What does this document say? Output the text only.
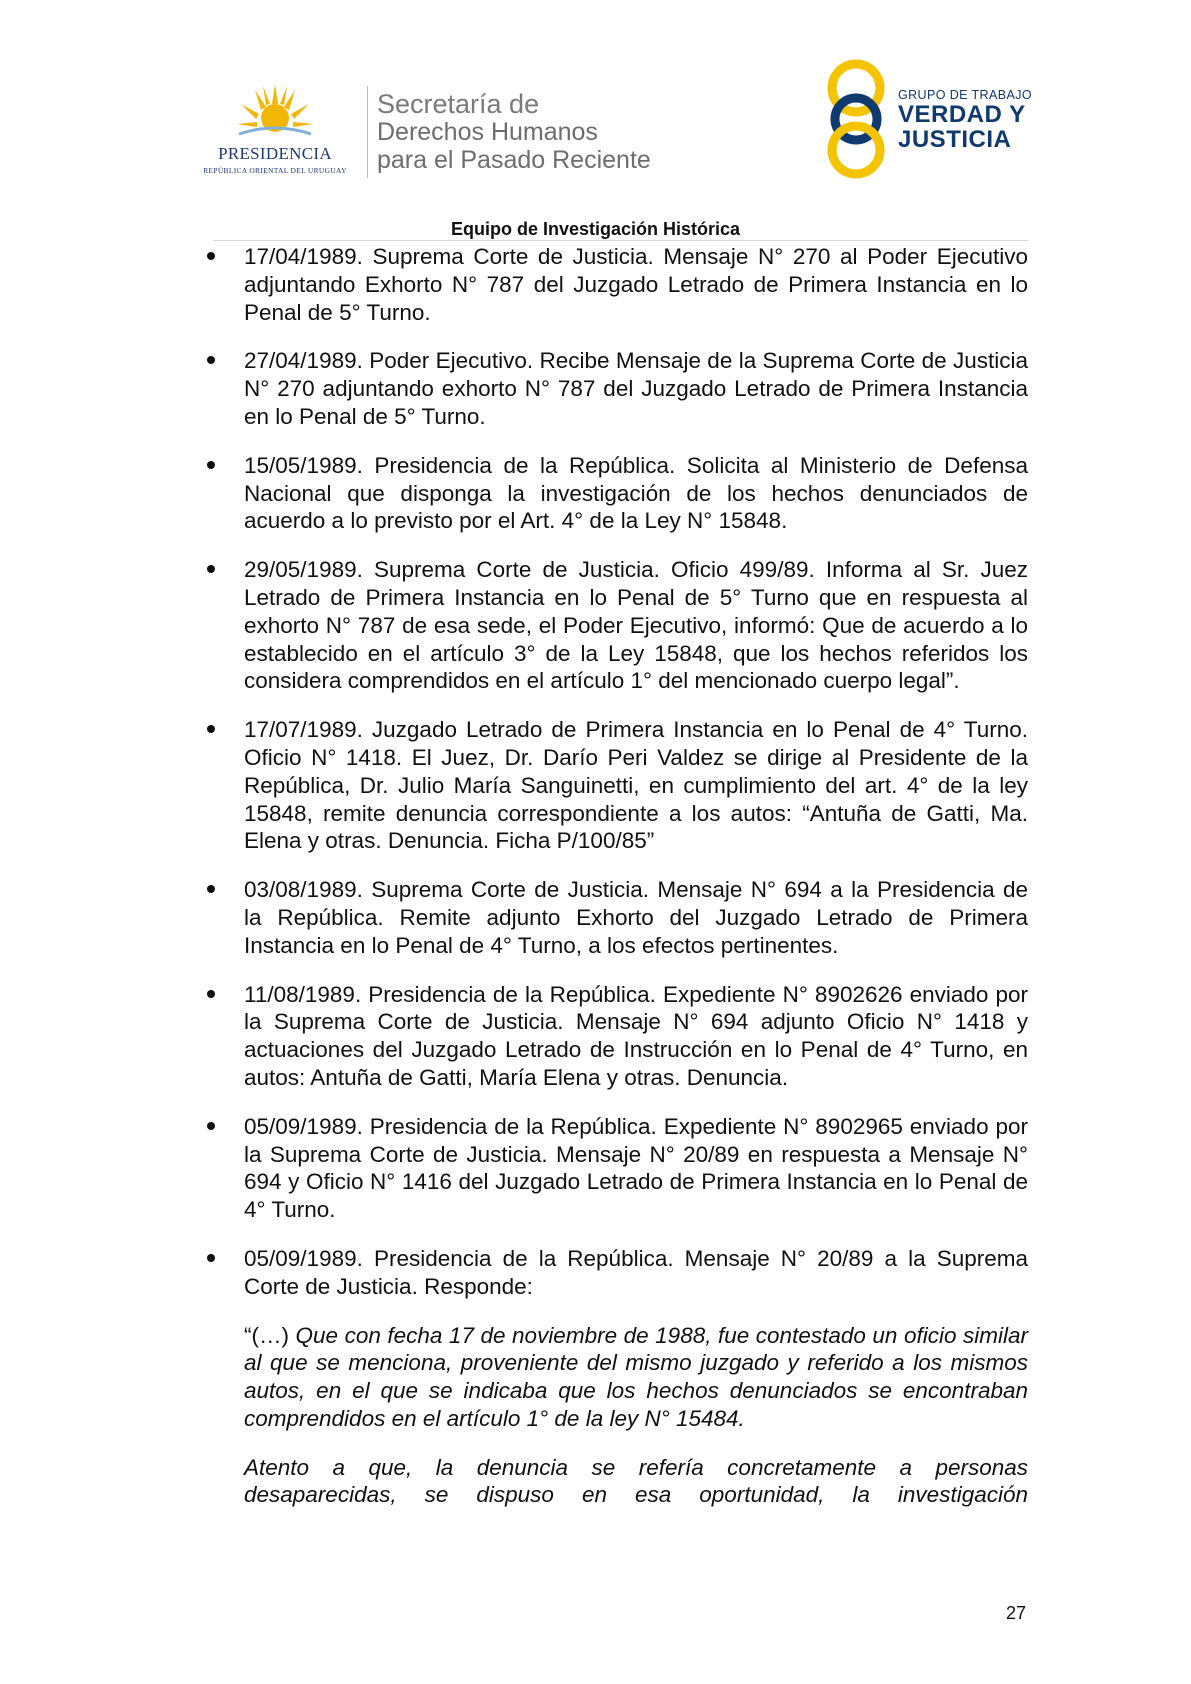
PRESIDENCIA
REPÚBLICA ORIENTAL DEL URUGUAY
Secretaría de
Derechos Humanos
para el Pasado Reciente
GRUPO DE TRABAJO
VERDAD Y
JUSTICIA
Equipo de Investigación Histórica
17/04/1989. Suprema Corte de Justicia. Mensaje N° 270 al Poder Ejecutivo adjuntando Exhorto N° 787 del Juzgado Letrado de Primera Instancia en lo Penal de 5° Turno.
27/04/1989. Poder Ejecutivo. Recibe Mensaje de la Suprema Corte de Justicia N° 270 adjuntando exhorto N° 787 del Juzgado Letrado de Primera Instancia en lo Penal de 5° Turno.
15/05/1989. Presidencia de la República. Solicita al Ministerio de Defensa Nacional que disponga la investigación de los hechos denunciados de acuerdo a lo previsto por el Art. 4° de la Ley N° 15848.
29/05/1989. Suprema Corte de Justicia. Oficio 499/89. Informa al Sr. Juez Letrado de Primera Instancia en lo Penal de 5° Turno que en respuesta al exhorto N° 787 de esa sede, el Poder Ejecutivo, informó: Que de acuerdo a lo establecido en el artículo 3° de la Ley 15848, que los hechos referidos los considera comprendidos en el artículo 1° del mencionado cuerpo legal”.
17/07/1989. Juzgado Letrado de Primera Instancia en lo Penal de 4° Turno. Oficio N° 1418. El Juez, Dr. Darío Peri Valdez se dirige al Presidente de la República, Dr. Julio María Sanguinetti, en cumplimiento del art. 4° de la ley 15848, remite denuncia correspondiente a los autos: “Antuña de Gatti, Ma. Elena y otras. Denuncia. Ficha P/100/85”
03/08/1989. Suprema Corte de Justicia. Mensaje N° 694 a la Presidencia de la República. Remite adjunto Exhorto del Juzgado Letrado de Primera Instancia en lo Penal de 4° Turno, a los efectos pertinentes.
11/08/1989. Presidencia de la República. Expediente N° 8902626 enviado por la Suprema Corte de Justicia. Mensaje N° 694 adjunto Oficio N° 1418 y actuaciones del Juzgado Letrado de Instrucción en lo Penal de 4° Turno, en autos: Antuña de Gatti, María Elena y otras. Denuncia.
05/09/1989. Presidencia de la República. Expediente N° 8902965 enviado por la Suprema Corte de Justicia. Mensaje N° 20/89 en respuesta a Mensaje N° 694 y Oficio N° 1416 del Juzgado Letrado de Primera Instancia en lo Penal de 4° Turno.
05/09/1989. Presidencia de la República. Mensaje N° 20/89 a la Suprema Corte de Justicia. Responde:
“(…) Que con fecha 17 de noviembre de 1988, fue contestado un oficio similar al que se menciona, proveniente del mismo juzgado y referido a los mismos autos, en el que se indicaba que los hechos denunciados se encontraban comprendidos en el artículo 1° de la ley N° 15484.
Atento a que, la denuncia se refería concretamente a personas desaparecidas, se dispuso en esa oportunidad, la investigación
27
